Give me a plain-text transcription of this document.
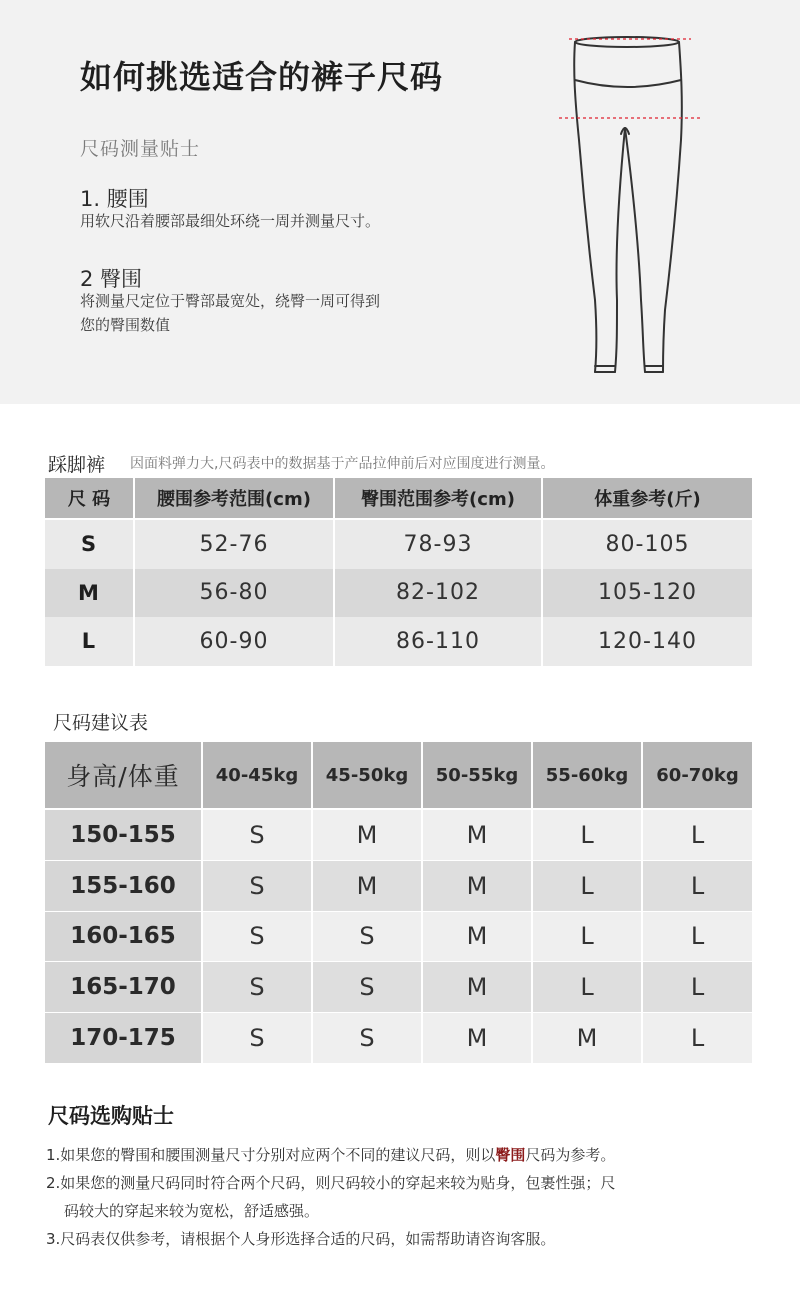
如何挑选适合的裤子尺码
尺码测量贴士
1. 腰围
用软尺沿着腰部最细处环绕一周并测量尺寸。
2 臀围
将测量尺定位于臀部最宽处，绕臀一周可得到
您的臀围数值
踩脚裤 因面料弹力大,尺码表中的数据基于产品拉伸前后对应围度进行测量。
尺 码	腰围参考范围(cm)	臀围范围参考(cm)	体重参考(斤)
S	52-76	78-93	80-105
M	56-80	82-102	105-120
L	60-90	86-110	120-140
尺码建议表
身高/体重	40-45kg	45-50kg	50-55kg	55-60kg	60-70kg
150-155	S	M	M	L	L
155-160	S	M	M	L	L
160-165	S	S	M	L	L
165-170	S	S	M	L	L
170-175	S	S	M	M	L
尺码选购贴士

1.如果您的臀围和腰围测量尺寸分别对应两个不同的建议尺码，则以臀围尺码为参考。

2.如果您的测量尺码同时符合两个尺码，则尺码较小的穿起来较为贴身，包裹性强；尺

码较大的穿起来较为宽松，舒适感强。

3.尺码表仅供参考，请根据个人身形选择合适的尺码，如需帮助请咨询客服。
